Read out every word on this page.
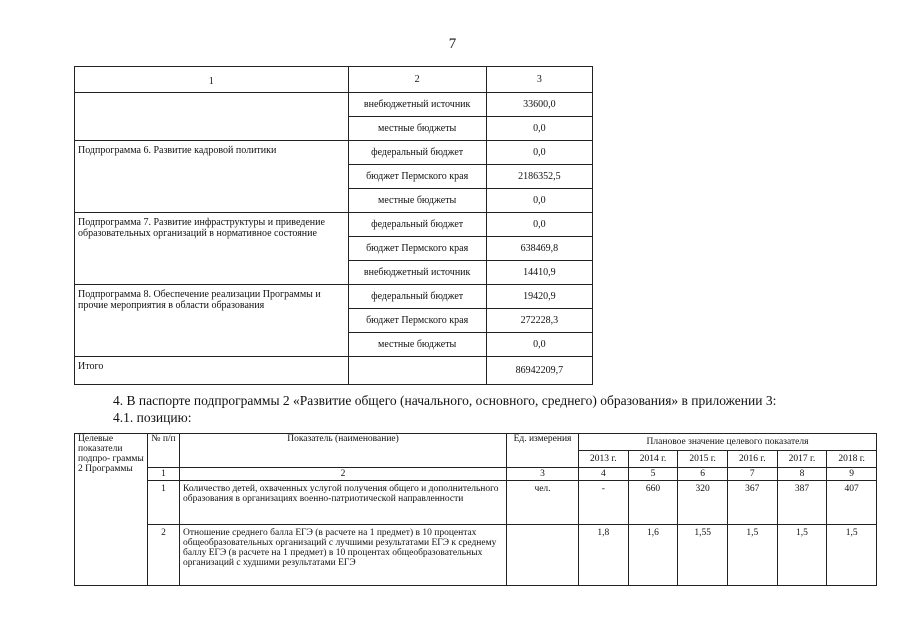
7
1	2	3
	внебюджетный источник	33600,0
	местные бюджеты	0,0
Подпрограмма 6. Развитие кадровой политики	федеральный бюджет	0,0
	бюджет Пермского края	2186352,5
	местные бюджеты	0,0
Подпрограмма 7. Развитие инфраструктуры и приведение образовательных организаций в нормативное состояние	федеральный бюджет	0,0
	бюджет Пермского края	638469,8
	внебюджетный источник	14410,9
Подпрограмма 8. Обеспечение реализации Программы и прочие мероприятия в области образования	федеральный бюджет	19420,9
	бюджет Пермского края	272228,3
	местные бюджеты	0,0
Итого		86942209,7
4. В паспорте подпрограммы 2 «Развитие общего (начального, основного, среднего) образования» в приложении 3:
4.1. позицию:
Целевые показатели подпро- граммы 2 Программы	№ п/п	Показатель (наименование)	Ед. измерения	Плановое значение целевого показателя					
				2013 г.	2014 г.	2015 г.	2016 г.	2017 г.	2018 г.
	1	2	3	4	5	6	7	8	9
	1	Количество детей, охваченных услугой получения общего и дополнительного образования в организациях военно-патриотической направленности	чел.	-	660	320	367	387	407
	2	Отношение среднего балла ЕГЭ (в расчете на 1 предмет) в 10 процентах общеобразовательных организаций с лучшими результатами ЕГЭ к среднему баллу ЕГЭ (в расчете на 1 предмет) в 10 процентах общеобразовательных организаций с худшими результатами ЕГЭ		1,8	1,6	1,55	1,5	1,5	1,5
